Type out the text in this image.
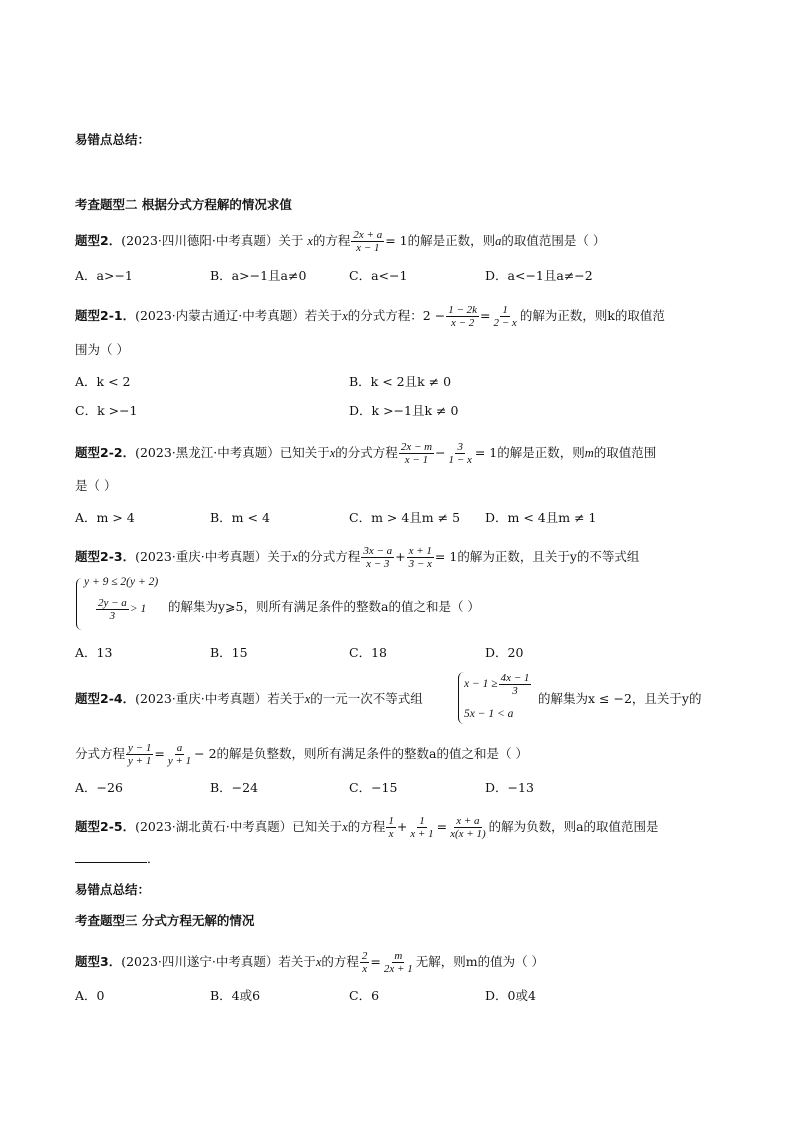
易错点总结：
考查题型二 根据分式方程解的情况求值
题型2．(2023·四川德阳·中考真题）关于 x的方程 $\frac{2x + a}{x - 1} = 1$的解是正数，则a的取值范围是（ ）
A．a>−1	B．a>−1且a≠0	C．a<−1	D．a<−1且a≠−2
题型2-1．(2023·内蒙古通辽·中考真题）若关于x的分式方程：$2 - \frac{1 - 2k}{x - 2} = \frac{1}{2 - x}$ 的解为正数，则k的取值范
围为（ ）
A．k < 2	B．k < 2且k ≠ 0
C．k >−1	D．k >−1且k ≠ 0
题型2-2．(2023·黑龙江·中考真题）已知关于x的分式方程 $\frac{2x - m}{x - 1} - \frac{3}{1 - x} = 1$的解是正数，则m的取值范围
是（ ）
A．m > 4	B．m < 4	C．m > 4且m ≠ 5 D．m < 4且m ≠ 1
题型2-3．(2023·重庆·中考真题）关于x的分式方程 $\frac{3x - a}{x - 3} + \frac{x + 1}{3 - x} = 1$的解为正数，且关于y的不等式组
y + 9 ≤ 2(y + 2)
$\frac{2y - a}{3} > 1$ 的解集为y⩾5，则所有满足条件的整数a的值之和是（ ）
A．13	B．15	C．18	D．20
题型2-4．(2023·重庆·中考真题）若关于x的一元一次不等式组
$x - 1 \ge \frac{4x - 1}{3}$
5x − 1 < a
的解集为x ≤ −2，且关于y的
分式方程 $\frac{y - 1}{y + 1} = \frac{a}{y + 1} - 2$的解是负整数，则所有满足条件的整数a的值之和是（ ）
A．−26	B．−24	C．−15	D．−13
题型2-5．(2023·湖北黄石·中考真题）已知关于x的方程 $\frac{1}{x} + \frac{1}{x + 1} = \frac{x + a}{x(x + 1)}$ 的解为负数，则a的取值范围是
．
易错点总结：
考查题型三 分式方程无解的情况
题型3．(2023·四川遂宁·中考真题）若关于x的方程 $\frac{2}{x} = \frac{m}{2x + 1}$ 无解，则m的值为（ ）
A．0	B．4或6	C．6	D．0或4
